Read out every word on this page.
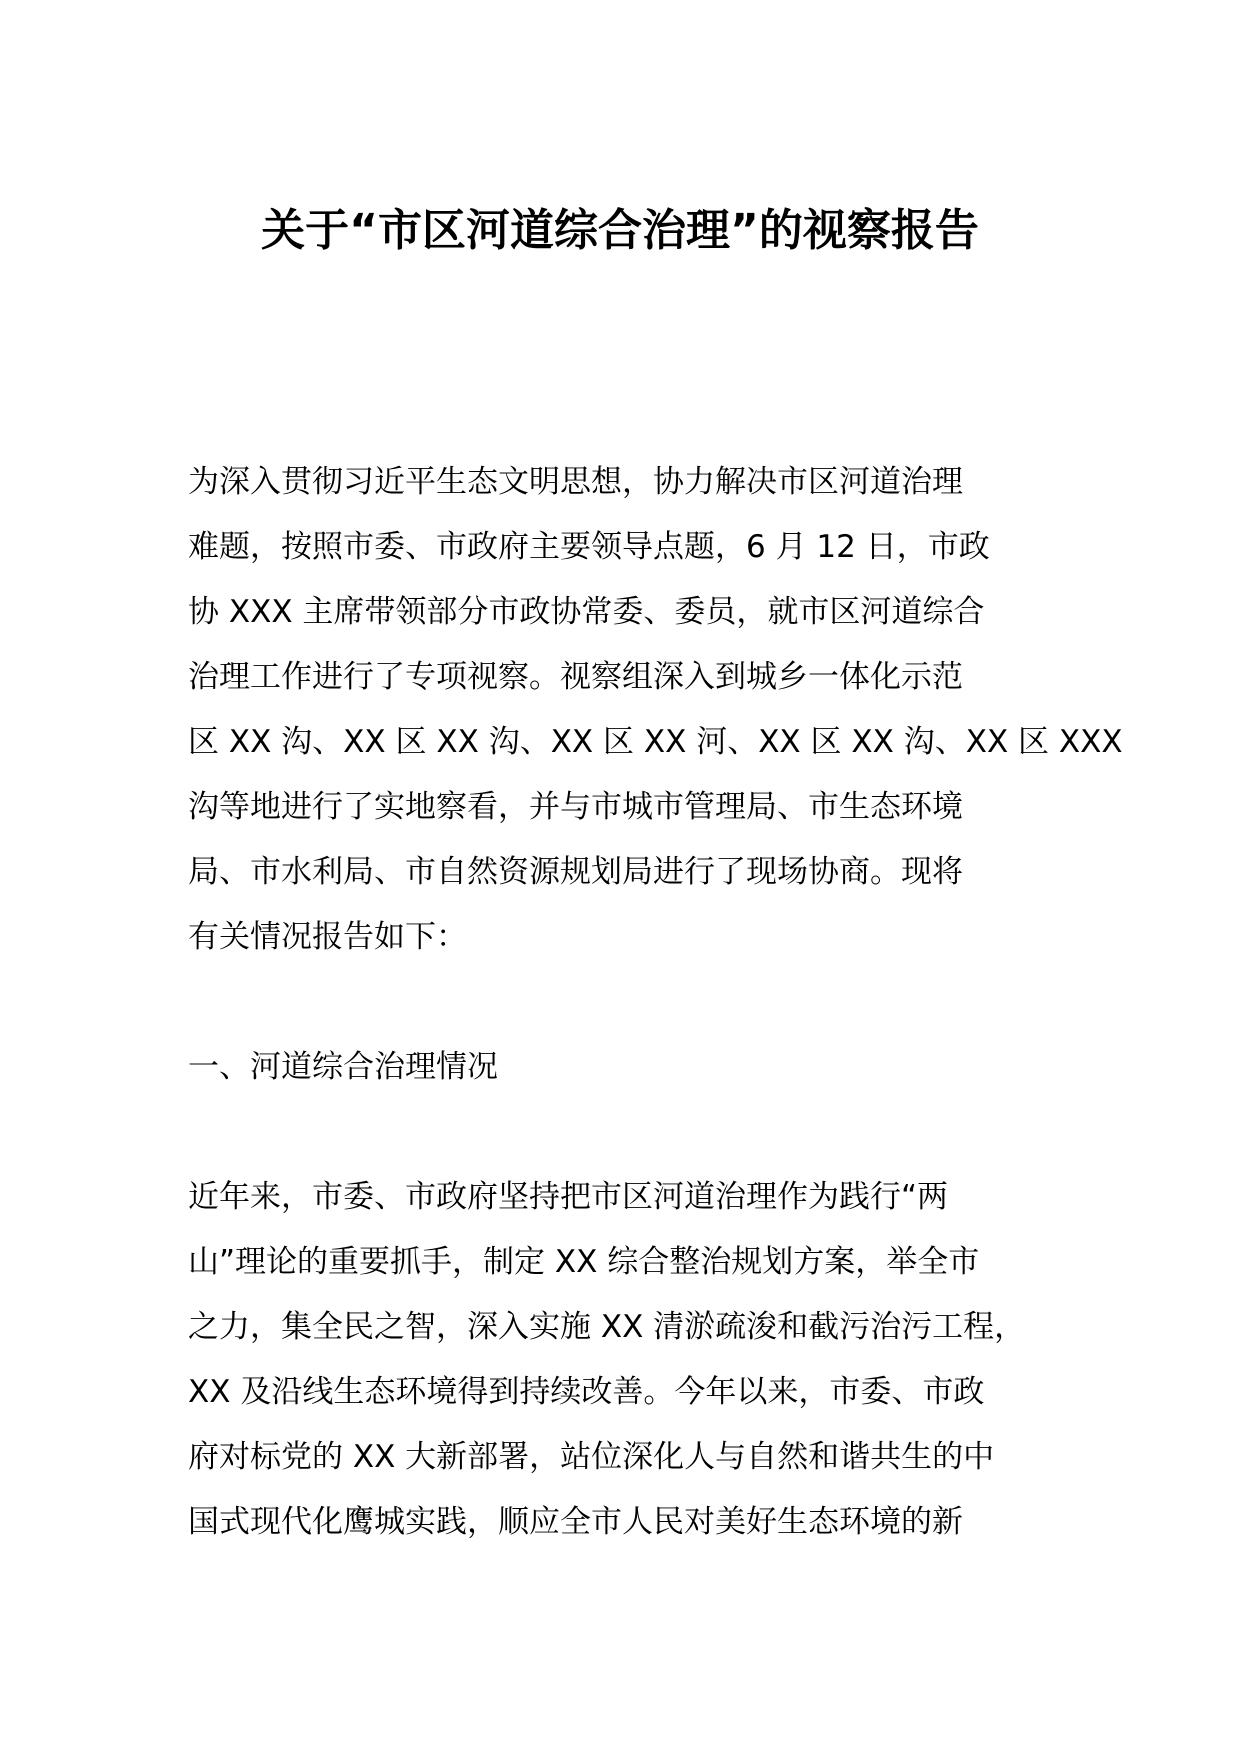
关于“市区河道综合治理”的视察报告

为深入贯彻习近平生态文明思想，协力解决市区河道治理
难题，按照市委、市政府主要领导点题，6 月 12 日，市政
协 XXX 主席带领部分市政协常委、委员，就市区河道综合
治理工作进行了专项视察。视察组深入到城乡一体化示范
区 XX 沟、XX 区 XX 沟、XX 区 XX 河、XX 区 XX 沟、XX 区 XXX
沟等地进行了实地察看，并与市城市管理局、市生态环境
局、市水利局、市自然资源规划局进行了现场协商。现将
有关情况报告如下：

一、河道综合治理情况

近年来，市委、市政府坚持把市区河道治理作为践行“两
山”理论的重要抓手，制定 XX 综合整治规划方案，举全市
之力，集全民之智，深入实施 XX 清淤疏浚和截污治污工程，
XX 及沿线生态环境得到持续改善。今年以来，市委、市政
府对标党的 XX 大新部署，站位深化人与自然和谐共生的中
国式现代化鹰城实践，顺应全市人民对美好生态环境的新
